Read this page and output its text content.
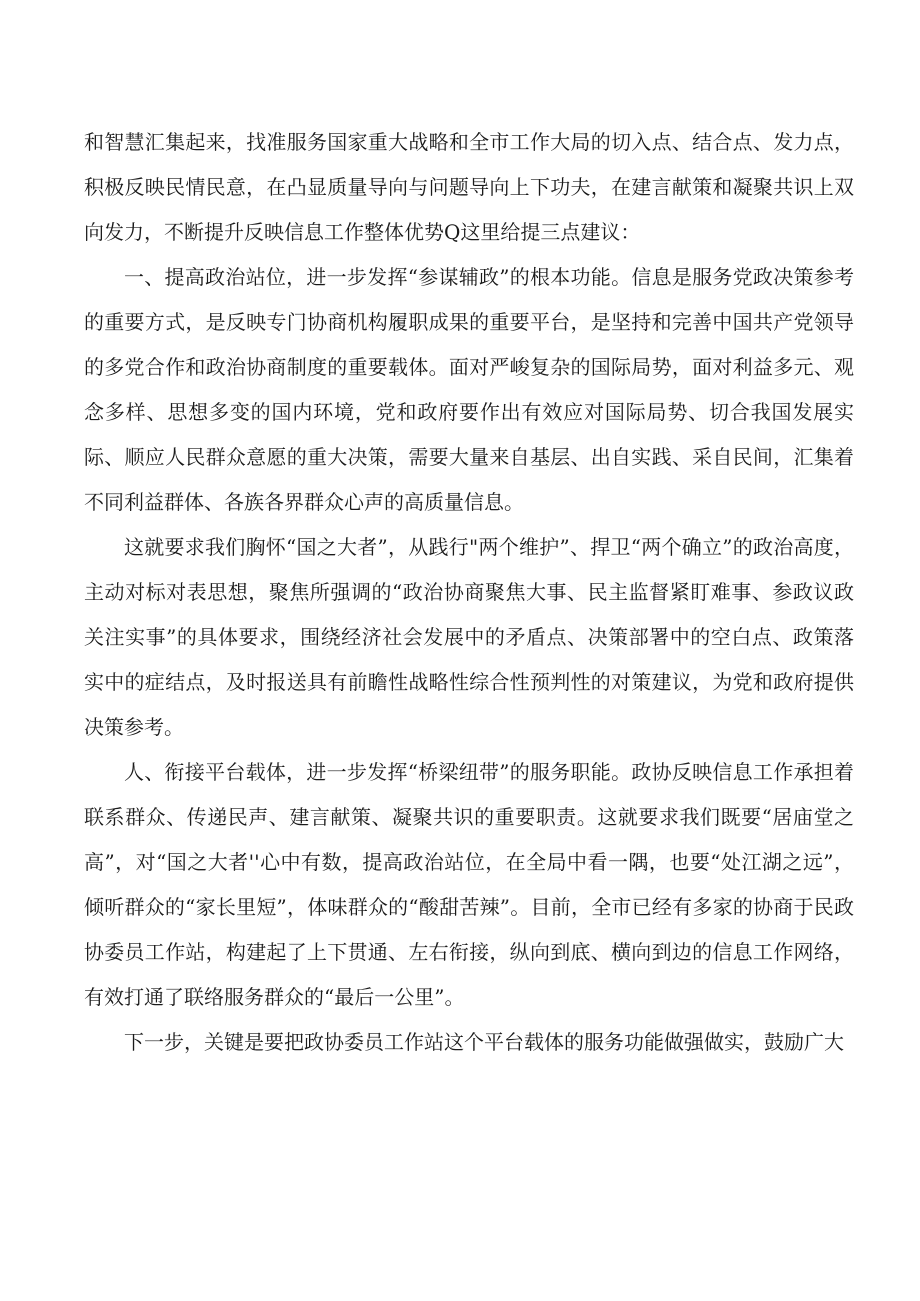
和智慧汇集起来，找准服务国家重大战略和全市工作大局的切入点、结合点、发力点，积极反映民情民意，在凸显质量导向与问题导向上下功夫，在建言献策和凝聚共识上双向发力，不断提升反映信息工作整体优势Q这里给提三点建议：

一、提高政治站位，进一步发挥“参谋辅政”的根本功能。信息是服务党政决策参考的重要方式，是反映专门协商机构履职成果的重要平台，是坚持和完善中国共产党领导的多党合作和政治协商制度的重要载体。面对严峻复杂的国际局势，面对利益多元、观念多样、思想多变的国内环境，党和政府要作出有效应对国际局势、切合我国发展实际、顺应人民群众意愿的重大决策，需要大量来自基层、出自实践、采自民间，汇集着不同利益群体、各族各界群众心声的高质量信息。

这就要求我们胸怀“国之大者”，从践行"两个维护”、捍卫“两个确立”的政治高度，主动对标对表思想，聚焦所强调的“政治协商聚焦大事、民主监督紧盯难事、参政议政关注实事”的具体要求，围绕经济社会发展中的矛盾点、决策部署中的空白点、政策落实中的症结点，及时报送具有前瞻性战略性综合性预判性的对策建议，为党和政府提供决策参考。

人、衔接平台载体，进一步发挥“桥梁纽带”的服务职能。政协反映信息工作承担着联系群众、传递民声、建言献策、凝聚共识的重要职责。这就要求我们既要“居庙堂之高”，对“国之大者''心中有数，提高政治站位，在全局中看一隅，也要“处江湖之远”，倾听群众的“家长里短”，体味群众的“酸甜苦辣”。目前，全市已经有多家的协商于民政协委员工作站，构建起了上下贯通、左右衔接，纵向到底、横向到边的信息工作网络，有效打通了联络服务群众的“最后一公里”。

下一步，关键是要把政协委员工作站这个平台载体的服务功能做强做实，鼓励广大
